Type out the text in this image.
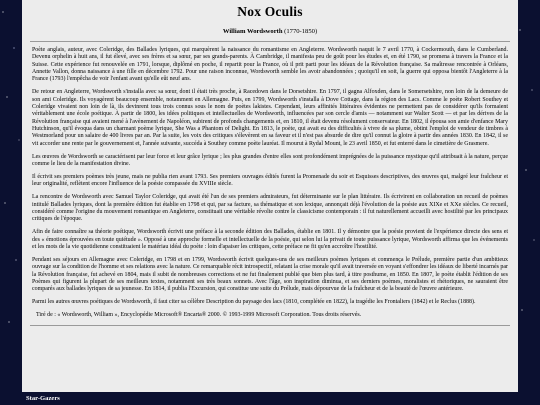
Nox Oculis
William Wordsworth (1770-1850)

Poète anglais, auteur, avec Coleridge, des Ballades lyriques, qui marquèrent la naissance du romantisme en Angleterre. Wordsworth naquit le 7 avril 1770, à Cockermouth, dans le Cumberland. Devenu orphelin à huit ans, il fut élevé, avec ses frères et sa sœur, par ses grands-parents. À Cambridge, il manifesta peu de goût pour les études et, en été 1790, se promena à travers la France et la Suisse. Cette expérience fut renouvelée en 1791, lorsque, diplômé en poche, il repartit pour la France, où il prit parti pour les idéaux de la Révolution française. Sa maîtresse rencontrée à Orléans, Annette Vallon, donna naissance à une fille en décembre 1792. Pour une raison inconnue, Wordsworth semble les avoir abandonnées ; quoiqu'il en soit, la guerre qui opposa bientôt l'Angleterre à la France (1793) l'empêcha de voir l'enfant avant qu'elle eût neuf ans.

De retour en Angleterre, Wordsworth s'installa avec sa sœur, dont il était très proche, à Racedown dans le Dorsetshire. En 1797, il gagna Alfoxden, dans le Somersetshire, non loin de la demeure de son ami Coleridge. Ils voyagèrent beaucoup ensemble, notamment en Allemagne. Puis, en 1799, Wordsworth s'installa à Dove Cottage, dans la région des Lacs. Comme le poète Robert Southey et Coleridge vivaient non loin de là, ils devinrent tous trois connus sous le nom de poètes lakistes. Cependant, leurs affinités littéraires évidentes ne permettent pas de considérer qu'ils formaient véritablement une école poétique. À partir de 1800, les idées politiques et intellectuelles de Wordsworth, influencées par son cercle d'amis — notamment sur Walter Scott — et par les dérives de la Révolution française qui avaient mené à l'avènement de Napoléon, subirent de profonds changements et, en 1810, il était devenu résolument conservateur. En 1802, il épousa son amie d'enfance Mary Hutchinson, qu'il évoqua dans un charmant poème lyrique, She Was a Phantom of Delight. En 1813, le poète, qui avait eu des difficultés à vivre de sa plume, obtint l'emploi de vendeur de timbres à Westmorland pour un salaire de 400 livres par an. Par la suite, les voix des critiques s'élevèrent en sa faveur et il n'est pas absurde de dire qu'il connut la gloire à partir des années 1830. En 1842, il se vit accorder une rente par le gouvernement et, l'année suivante, succéda à Southey comme poète lauréat. Il mourut à Rydal Mount, le 23 avril 1850, et fut enterré dans le cimetière de Grasmere.

Les œuvres de Wordsworth se caractérisent par leur force et leur grâce lyrique ; les plus grandes d'entre elles sont profondément imprégnées de la puissance mystique qu'il attribuait à la nature, perçue comme le lieu de la manifestation divine.

Il écrivit ses premiers poèmes très jeune, mais ne publia rien avant 1793. Ses premiers ouvrages édités furent la Promenade du soir et Esquisses descriptives, des œuvres qui, malgré leur fraîcheur et leur originalité, reflètent encore l'influence de la poésie compassée du XVIIIe siècle.

La rencontre de Wordsworth avec Samuel Taylor Coleridge, qui avait été l'un de ses premiers admirateurs, fut déterminante sur le plan littéraire. Ils écrivirent en collaboration un recueil de poèmes intitulé Ballades lyriques, dont la première édition fut établie en 1798 et qui, par sa facture, sa thématique et son lexique, annonçait déjà l'évolution de la poésie aux XIXe et XXe siècles. Ce recueil, considéré comme l'origine du mouvement romantique en Angleterre, constituait une véritable révolte contre le classicisme contemporain : il fut naturellement accueilli avec hostilité par les principaux critiques de l'époque.

Afin de faire connaître sa théorie poétique, Wordsworth écrivit une préface à la seconde édition des Ballades, établie en 1801. Il y démontre que la poésie provient de l'expérience directe des sens et des « émotions éprouvées en toute quiétude ». Opposé à une approche formelle et intellectuelle de la poésie, qui selon lui la privait de toute puissance lyrique, Wordsworth affirma que les événements et les mots de la vie quotidienne constituaient le matériau idéal du poète : loin d'apaiser les critiques, cette préface ne fit qu'en accroître l'hostilité.

Pendant ses séjours en Allemagne avec Coleridge, en 1798 et en 1799, Wordsworth écrivit quelques-uns de ses meilleurs poèmes lyriques et commença le Prélude, première partie d'un ambitieux ouvrage sur la condition de l'homme et ses relations avec la nature. Ce remarquable récit introspectif, relatant la crise morale qu'il avait traversée en voyant s'effondrer les idéaux de liberté incarnés par la Révolution française, fut achevé en 1804, mais il subit de nombreuses corrections et ne fut finalement publié que bien plus tard, à titre posthume, en 1850. En 1807, le poète établit l'édition de ses Poèmes qui figurent la plupart de ses meilleurs textes, notamment ses très beaux sonnets. Avec l'âge, son inspiration diminua, et ses derniers poèmes, moralistes et rhétoriques, ne sauraient être comparés aux ballades lyriques de sa jeunesse. En 1814, il publia l'Excursion, qui constitue une suite du Prélude, mais dépourvue de la fraîcheur et de la beauté de l'œuvre antérieure.

Parmi les autres œuvres poétiques de Wordsworth, il faut citer sa célèbre Description du paysage des lacs (1810, complétée en 1822), la tragédie les Frontaliers (1842) et le Reclus (1888).

Tiré de : « Wordsworth, William », Encyclopédie Microsoft® Encarta® 2000. © 1993-1999 Microsoft Corporation. Tous droits réservés.
Star-Gazers
